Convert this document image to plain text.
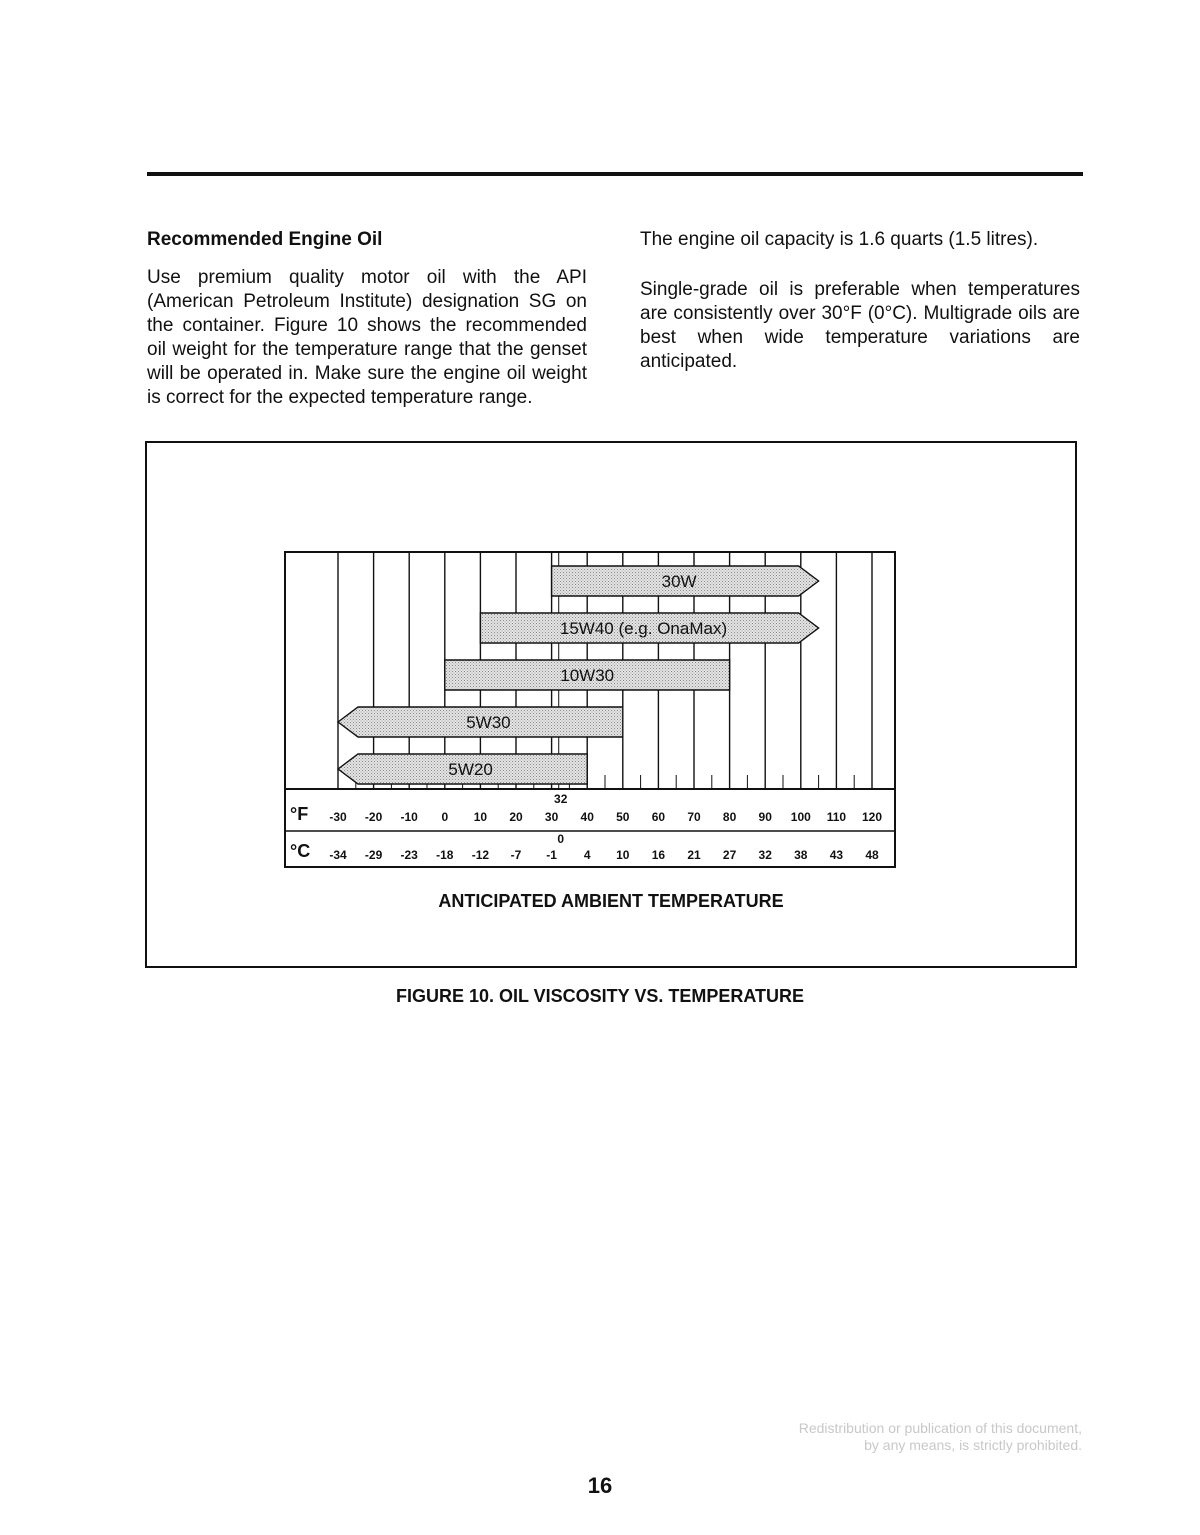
Recommended Engine Oil

Use premium quality motor oil with the API (American Petroleum Institute) designation SG on the container. Figure 10 shows the recommended oil weight for the temperature range that the genset will be operated in. Make sure the engine oil weight is correct for the expected temperature range.

The engine oil capacity is 1.6 quarts (1.5 litres).

Single-grade oil is preferable when temperatures are consistently over 30°F (0°C). Multigrade oils are best when wide temperature variations are anticipated.

30W
15W40 (e.g. OnaMax)
10W30
5W30
5W20
°F
°C
-30 -20 -10 0 10 20 30 40 50 60 70 80 90 100 110 120
-34 -29 -23 -18 -12 -7 -1 4 10 16 21 27 32 38 43 48
32
0
ANTICIPATED AMBIENT TEMPERATURE
FIGURE 10. OIL VISCOSITY VS. TEMPERATURE
Redistribution or publication of this document,
by any means, is strictly prohibited.
16
